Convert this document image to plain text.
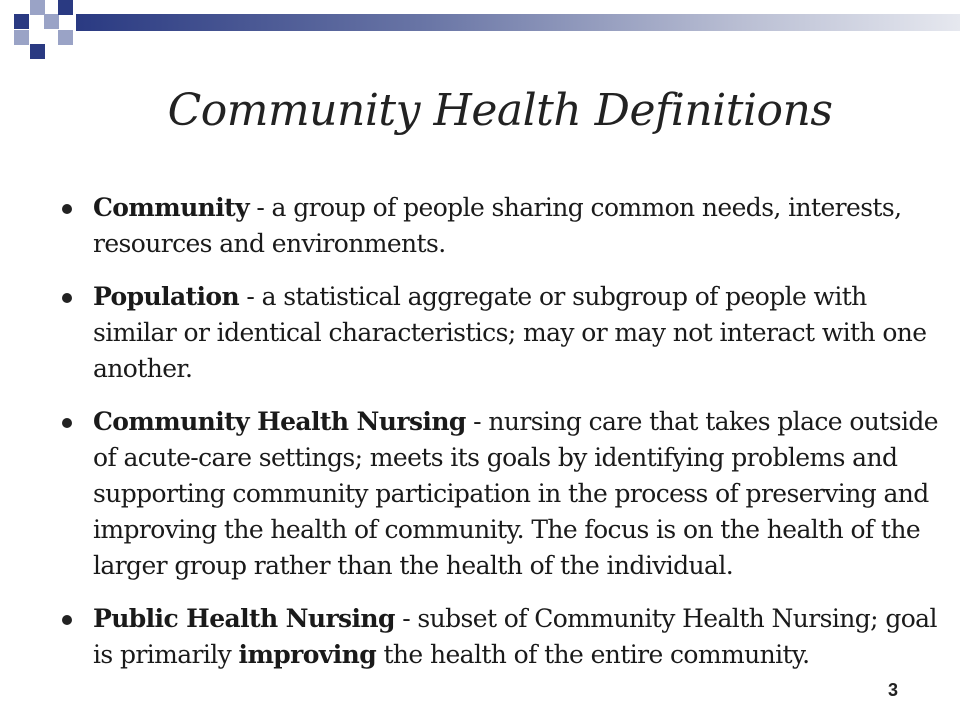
Community Health Definitions
Community - a group of people sharing common needs, interests, resources and environments.
Population - a statistical aggregate or subgroup of people with similar or identical characteristics; may or may not interact with one another.
Community Health Nursing - nursing care that takes place outside of acute-care settings; meets its goals by identifying problems and supporting community participation in the process of preserving and improving the health of community. The focus is on the health of the larger group rather than the health of the individual.
Public Health Nursing - subset of Community Health Nursing; goal is primarily improving the health of the entire community.
3
